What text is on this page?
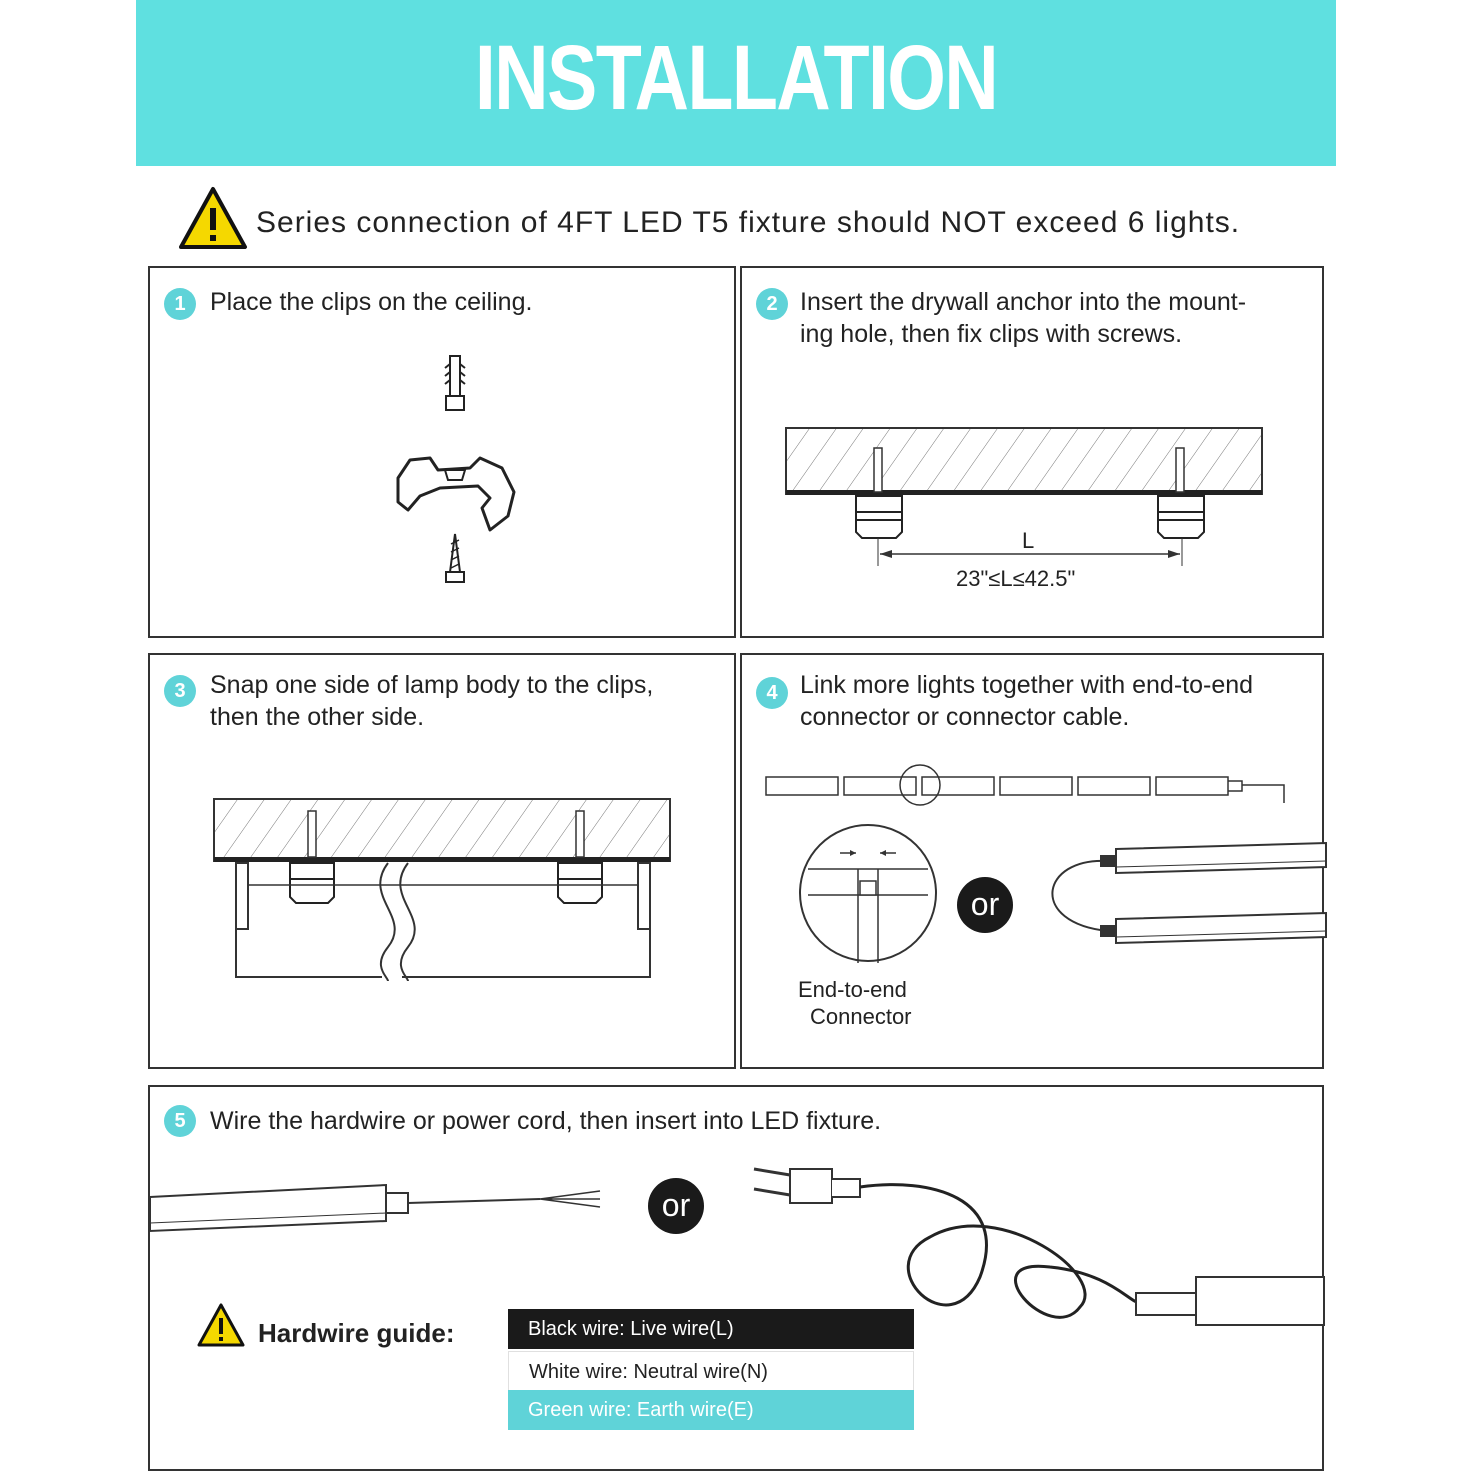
INSTALLATION
Series connection of 4FT LED T5 fixture should NOT exceed 6 lights.
1 Place the clips on the ceiling.	2 Insert the drywall anchor into the mount-
ing hole, then fix clips with screws.
L
23"≤L≤42.5"
3 Snap one side of lamp body to the clips,
then the other side.
4 Link more lights together with end-to-end
connector or connector cable.
or
End-to-end
Connector
5 Wire the hardwire or power cord, then insert into LED fixture.
or
Hardwire guide:	Black wire: Live wire(L)
White wire: Neutral wire(N)
Green wire: Earth wire(E)
